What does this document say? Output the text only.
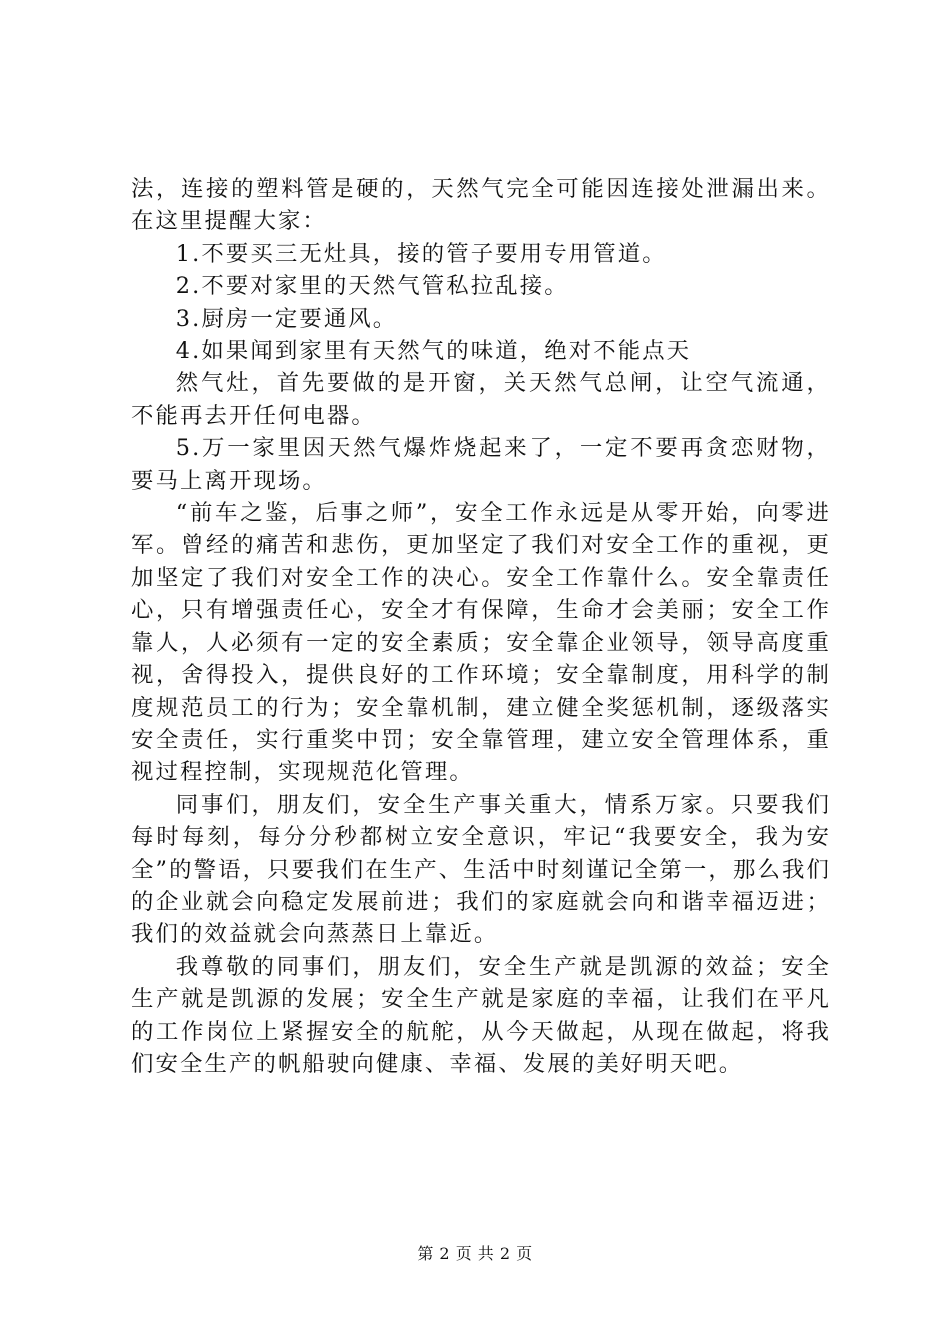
法，连接的塑料管是硬的，天然气完全可能因连接处泄漏出来。在这里提醒大家：

1.不要买三无灶具，接的管子要用专用管道。

2.不要对家里的天然气管私拉乱接。

3.厨房一定要通风。

4.如果闻到家里有天然气的味道，绝对不能点天

然气灶，首先要做的是开窗，关天然气总闸，让空气流通，不能再去开任何电器。

5.万一家里因天然气爆炸烧起来了，一定不要再贪恋财物，要马上离开现场。

“前车之鉴，后事之师”，安全工作永远是从零开始，向零进军。曾经的痛苦和悲伤，更加坚定了我们对安全工作的重视，更加坚定了我们对安全工作的决心。安全工作靠什么。安全靠责任心，只有增强责任心，安全才有保障，生命才会美丽；安全工作靠人，人必须有一定的安全素质；安全靠企业领导，领导高度重视，舍得投入，提供良好的工作环境；安全靠制度，用科学的制度规范员工的行为；安全靠机制，建立健全奖惩机制，逐级落实安全责任，实行重奖中罚；安全靠管理，建立安全管理体系，重视过程控制，实现规范化管理。

同事们，朋友们，安全生产事关重大，情系万家。只要我们每时每刻，每分分秒都树立安全意识，牢记“我要安全，我为安全”的警语，只要我们在生产、生活中时刻谨记全第一，那么我们的企业就会向稳定发展前进；我们的家庭就会向和谐幸福迈进；我们的效益就会向蒸蒸日上靠近。

我尊敬的同事们，朋友们，安全生产就是凯源的效益；安全生产就是凯源的发展；安全生产就是家庭的幸福，让我们在平凡的工作岗位上紧握安全的航舵，从今天做起，从现在做起，将我们安全生产的帆船驶向健康、幸福、发展的美好明天吧。

第 2 页 共 2 页
